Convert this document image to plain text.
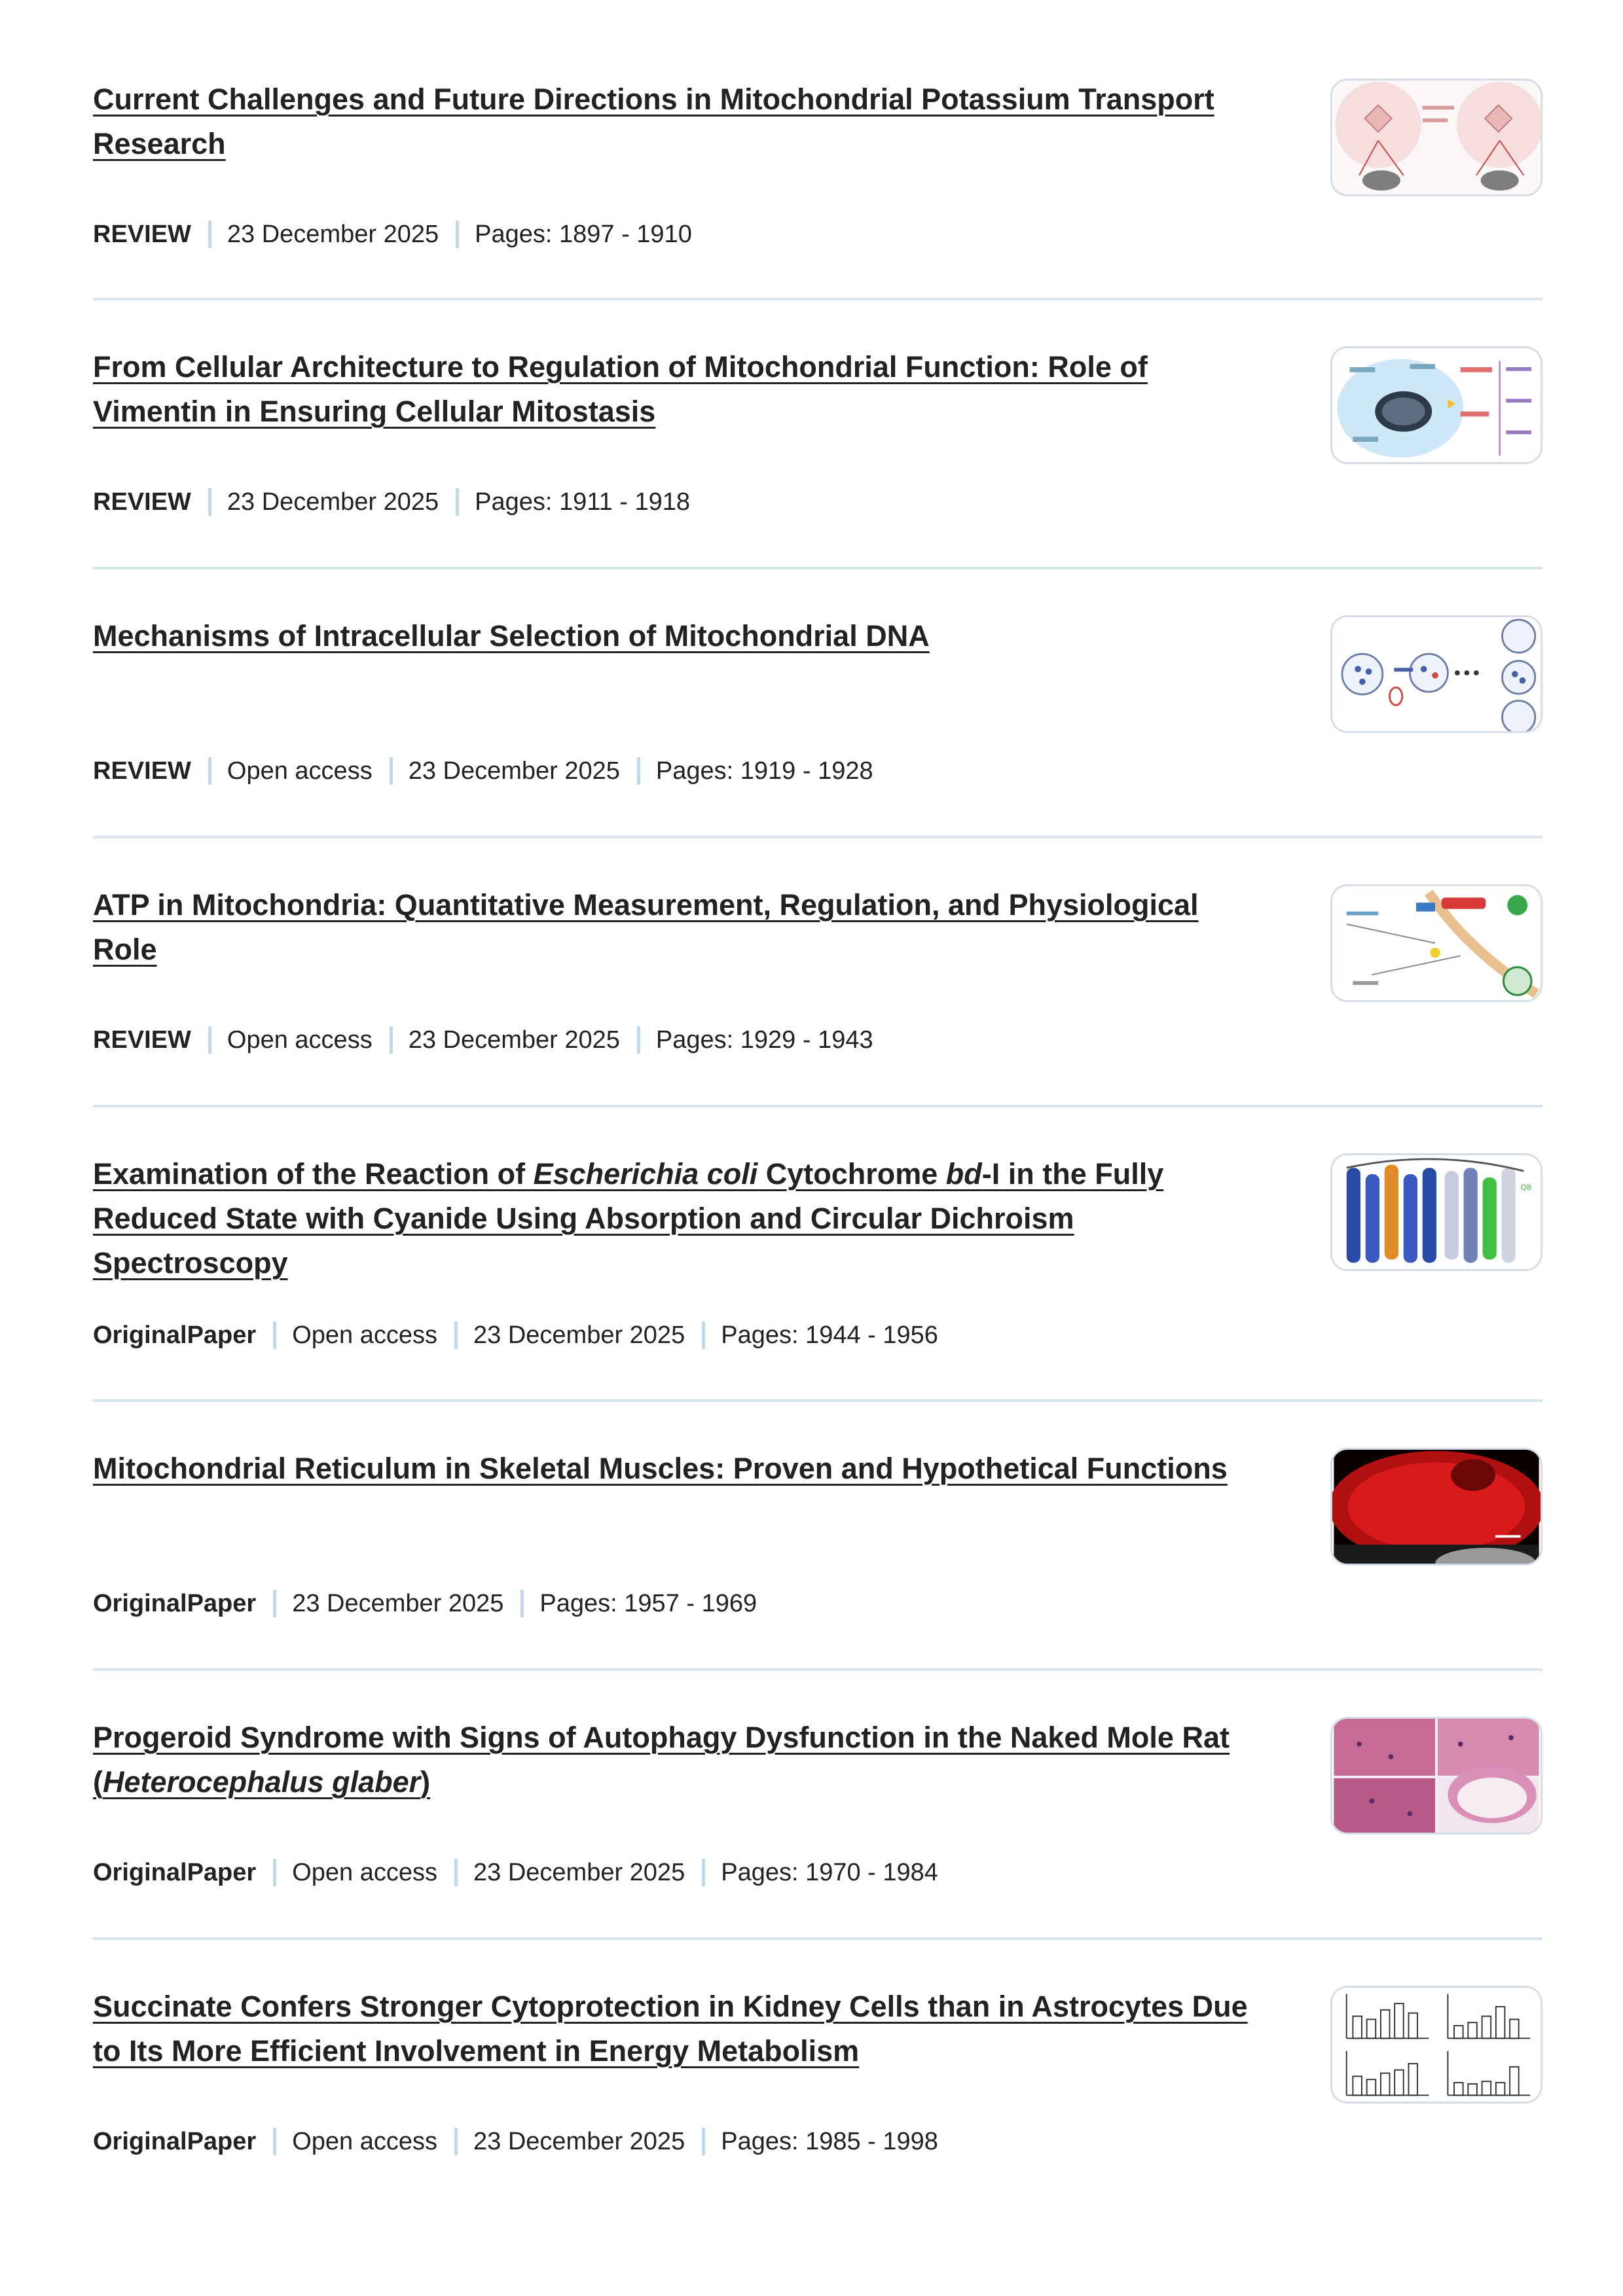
Current Challenges and Future Directions in Mitochondrial Potassium Transport
Research
REVIEW 23 December 2025 Pages: 1897 - 1910
From Cellular Architecture to Regulation of Mitochondrial Function: Role of
Vimentin in Ensuring Cellular Mitostasis
REVIEW 23 December 2025 Pages: 1911 - 1918
Mechanisms of Intracellular Selection of Mitochondrial DNA
REVIEW Open access 23 December 2025 Pages: 1919 - 1928
ATP in Mitochondria: Quantitative Measurement, Regulation, and Physiological
Role
REVIEW Open access 23 December 2025 Pages: 1929 - 1943
Examination of the Reaction of Escherichia coli Cytochrome bd-I in the Fully
Reduced State with Cyanide Using Absorption and Circular Dichroism
Spectroscopy
OriginalPaper Open access 23 December 2025 Pages: 1944 - 1956
Q8
Mitochondrial Reticulum in Skeletal Muscles: Proven and Hypothetical Functions
OriginalPaper 23 December 2025 Pages: 1957 - 1969
Progeroid Syndrome with Signs of Autophagy Dysfunction in the Naked Mole Rat
(Heterocephalus glaber)
OriginalPaper Open access 23 December 2025 Pages: 1970 - 1984
Succinate Confers Stronger Cytoprotection in Kidney Cells than in Astrocytes Due
to Its More Efficient Involvement in Energy Metabolism
OriginalPaper Open access 23 December 2025 Pages: 1985 - 1998
